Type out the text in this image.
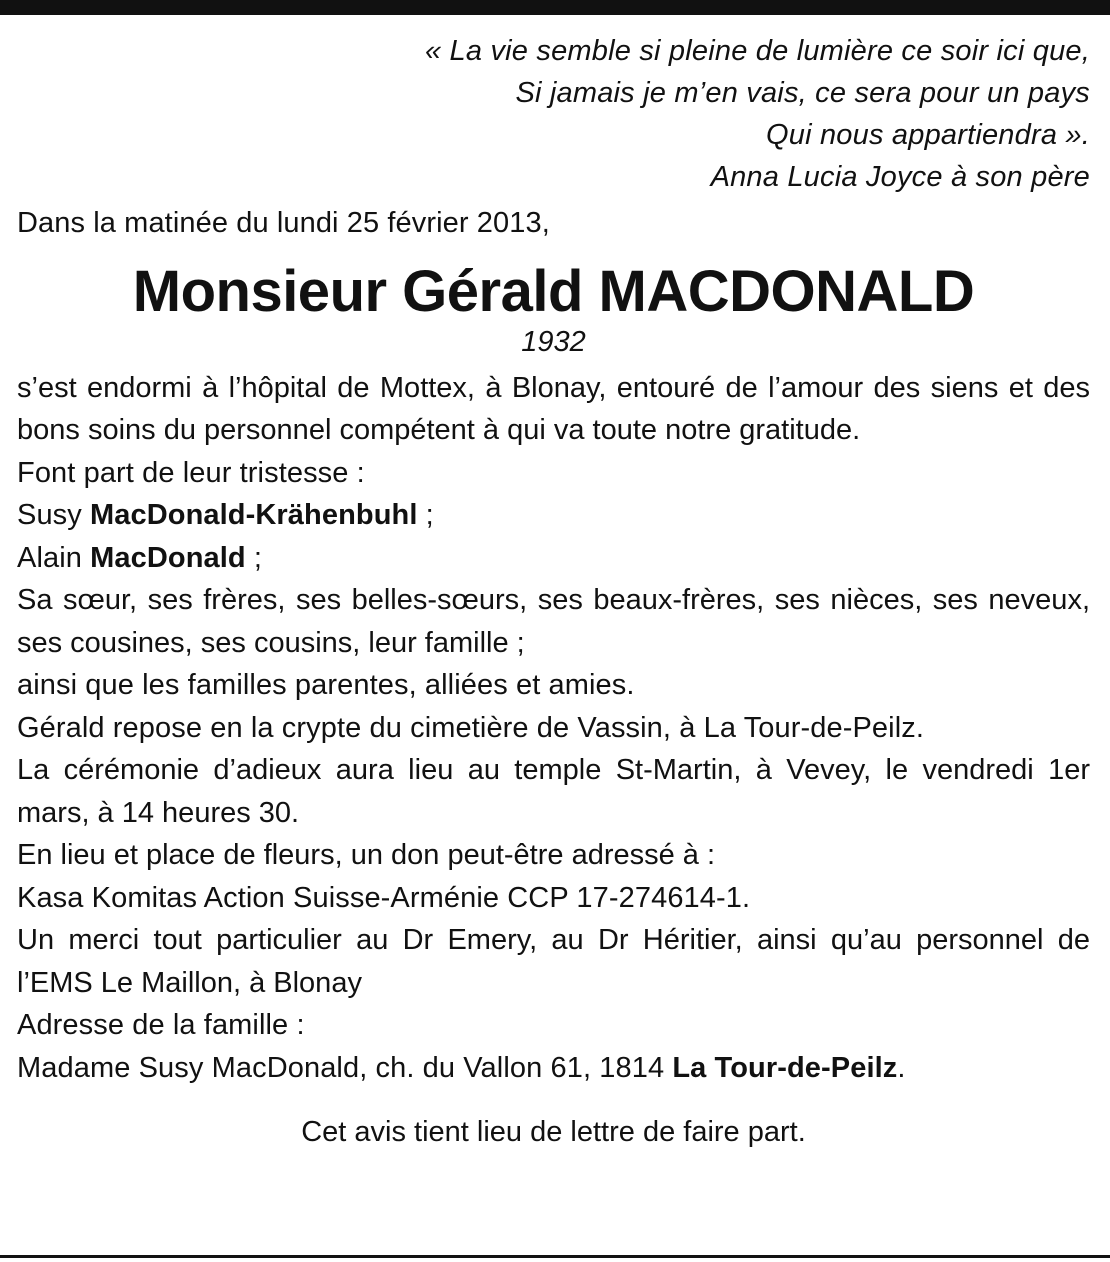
« La vie semble si pleine de lumière ce soir ici que,
Si jamais je m’en vais, ce sera pour un pays
Qui nous appartiendra ».
Anna Lucia Joyce à son père
Dans la matinée du lundi 25 février 2013,
Monsieur Gérald MACDONALD
1932
s’est endormi à l’hôpital de Mottex, à Blonay, entouré de l’amour des siens et des bons soins du personnel compétent à qui va toute notre gratitude.
Font part de leur tristesse :
Susy MacDonald-Krähenbuhl ;
Alain MacDonald ;
Sa sœur, ses frères, ses belles-sœurs, ses beaux-frères, ses nièces, ses neveux, ses cousines, ses cousins, leur famille ;
ainsi que les familles parentes, alliées et amies.
Gérald repose en la crypte du cimetière de Vassin, à La Tour-de-Peilz.
La cérémonie d’adieux aura lieu au temple St-Martin, à Vevey, le vendredi 1er mars, à 14 heures 30.
En lieu et place de fleurs, un don peut-être adressé à :
Kasa Komitas Action Suisse-Arménie CCP 17-274614-1.
Un merci tout particulier au Dr Emery, au Dr Héritier, ainsi qu’au personnel de l’EMS Le Maillon, à Blonay
Adresse de la famille :
Madame Susy MacDonald, ch. du Vallon 61, 1814 La Tour-de-Peilz.
Cet avis tient lieu de lettre de faire part.
